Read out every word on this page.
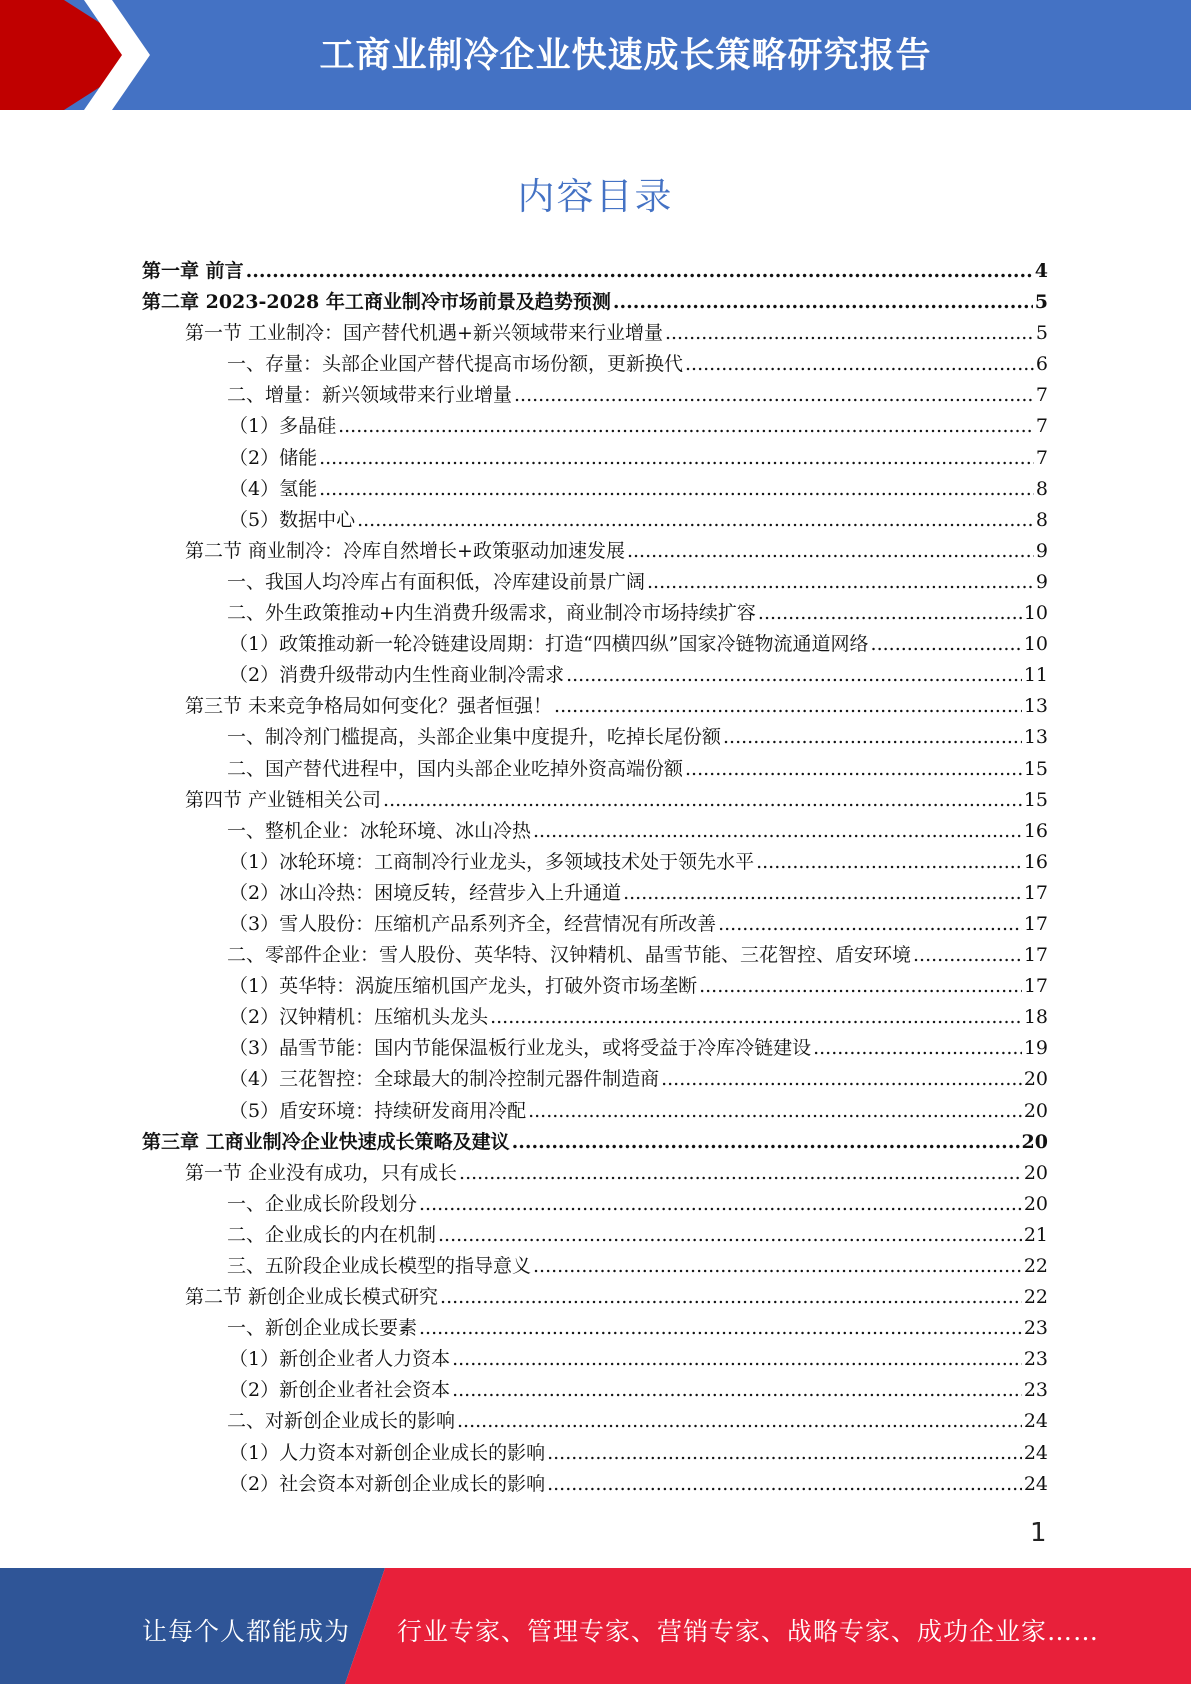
工商业制冷企业快速成长策略研究报告
内容目录
第一章 前言 .....	4
第二章 2023-2028 年工商业制冷市场前景及趋势预测 .....	5
第一节 工业制冷：国产替代机遇+新兴领域带来行业增量 .....	5
一、存量：头部企业国产替代提高市场份额，更新换代 .....	6
二、增量：新兴领域带来行业增量 .....	7
（1）多晶硅 .....	7
（2）储能 .....	7
（4）氢能 .....	8
（5）数据中心 .....	8
第二节 商业制冷：冷库自然增长+政策驱动加速发展 .....	9
一、我国人均冷库占有面积低，冷库建设前景广阔 .....	9
二、外生政策推动+内生消费升级需求，商业制冷市场持续扩容 .....	10
（1）政策推动新一轮冷链建设周期：打造“四横四纵”国家冷链物流通道网络 .....	10
（2）消费升级带动内生性商业制冷需求 .....	11
第三节 未来竞争格局如何变化？强者恒强！ .....	13
一、制冷剂门槛提高，头部企业集中度提升，吃掉长尾份额 .....	13
二、国产替代进程中，国内头部企业吃掉外资高端份额 .....	15
第四节 产业链相关公司 .....	15
一、整机企业：冰轮环境、冰山冷热 .....	16
（1）冰轮环境：工商制冷行业龙头，多领域技术处于领先水平 .....	16
（2）冰山冷热：困境反转，经营步入上升通道 .....	17
（3）雪人股份：压缩机产品系列齐全，经营情况有所改善 .....	17
二、零部件企业：雪人股份、英华特、汉钟精机、晶雪节能、三花智控、盾安环境 .....	17
（1）英华特：涡旋压缩机国产龙头，打破外资市场垄断 .....	17
（2）汉钟精机：压缩机头龙头 .....	18
（3）晶雪节能：国内节能保温板行业龙头，或将受益于冷库冷链建设 .....	19
（4）三花智控：全球最大的制冷控制元器件制造商 .....	20
（5）盾安环境：持续研发商用冷配 .....	20
第三章 工商业制冷企业快速成长策略及建议 .....	20
第一节 企业没有成功，只有成长 .....	20
一、企业成长阶段划分 .....	20
二、企业成长的内在机制 .....	21
三、五阶段企业成长模型的指导意义 .....	22
第二节 新创企业成长模式研究 .....	22
一、新创企业成长要素 .....	23
（1）新创企业者人力资本 .....	23
（2）新创企业者社会资本 .....	23
二、对新创企业成长的影响 .....	24
（1）人力资本对新创企业成长的影响 .....	24
（2）社会资本对新创企业成长的影响 .....	24
1
让每个人都能成为 行业专家、管理专家、营销专家、战略专家、成功企业家……
